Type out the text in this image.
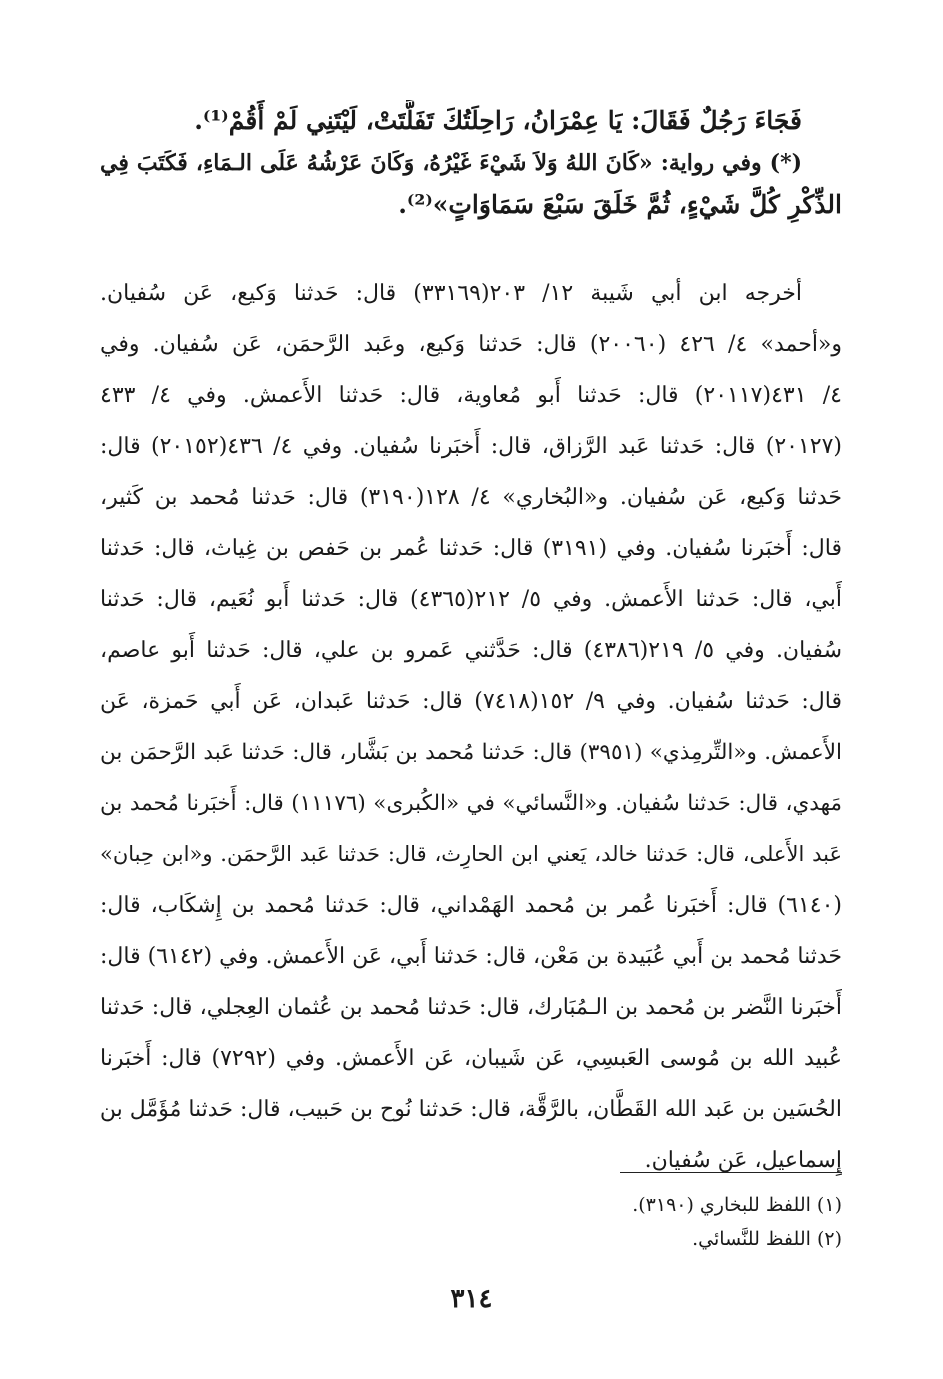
فَجَاءَ رَجُلٌ فَقَالَ: يَا عِمْرَانُ، رَاحِلَتُكَ تَفَلَّتَتْ، لَيْتَنِي لَمْ أَقُمْ⁽¹⁾.
(*) وفي رواية: «كَانَ اللهُ وَلاَ شَيْءَ غَيْرُهُ، وَكَانَ عَرْشُهُ عَلَى الـمَاءِ، فَكَتَبَ فِي
الذِّكْرِ كُلَّ شَيْءٍ، ثُمَّ خَلَقَ سَبْعَ سَمَاوَاتٍ»⁽²⁾.
أخرجه ابن أبي شَيبة ١٢/ ٢٠٣(٣٣١٦٩) قال: حَدثنا وَكيع، عَن سُفيان.
و«أحمد» ٤/ ٤٢٦ (٢٠٠٦٠) قال: حَدثنا وَكيع، وعَبد الرَّحمَن، عَن سُفيان. وفي
٤/ ٤٣١(٢٠١١٧) قال: حَدثنا أَبو مُعاوية، قال: حَدثنا الأَعمش. وفي ٤/ ٤٣٣
(٢٠١٢٧) قال: حَدثنا عَبد الرَّزاق، قال: أَخبَرنا سُفيان. وفي ٤/ ٤٣٦(٢٠١٥٢) قال:
حَدثنا وَكيع، عَن سُفيان. و«البُخاري» ٤/ ١٢٨(٣١٩٠) قال: حَدثنا مُحمد بن كَثير،
قال: أَخبَرنا سُفيان. وفي (٣١٩١) قال: حَدثنا عُمر بن حَفص بن غِياث، قال: حَدثنا
أَبي، قال: حَدثنا الأَعمش. وفي ٥/ ٢١٢(٤٣٦٥) قال: حَدثنا أَبو نُعَيم، قال: حَدثنا
سُفيان. وفي ٥/ ٢١٩(٤٣٨٦) قال: حَدَّثني عَمرو بن علي، قال: حَدثنا أَبو عاصم،
قال: حَدثنا سُفيان. وفي ٩/ ١٥٢(٧٤١٨) قال: حَدثنا عَبدان، عَن أَبي حَمزة، عَن
الأَعمش. و«التِّرمِذي» (٣٩٥١) قال: حَدثنا مُحمد بن بَشَّار، قال: حَدثنا عَبد الرَّحمَن بن
مَهدي، قال: حَدثنا سُفيان. و«النَّسائي» في «الكُبرى» (١١١٧٦) قال: أَخبَرنا مُحمد بن
عَبد الأَعلى، قال: حَدثنا خالد، يَعني ابن الحارِث، قال: حَدثنا عَبد الرَّحمَن. و«ابن حِبان»
(٦١٤٠) قال: أَخبَرنا عُمر بن مُحمد الهَمْداني، قال: حَدثنا مُحمد بن إِشكَاب، قال:
حَدثنا مُحمد بن أَبي عُبَيدة بن مَعْن، قال: حَدثنا أَبي، عَن الأَعمش. وفي (٦١٤٢) قال:
أَخبَرنا النَّضر بن مُحمد بن الـمُبَارك، قال: حَدثنا مُحمد بن عُثمان العِجلي، قال: حَدثنا
عُبيد الله بن مُوسى العَبسِي، عَن شَيبان، عَن الأَعمش. وفي (٧٢٩٢) قال: أَخبَرنا
الحُسَين بن عَبد الله القَطَّان، بالرَّقَّة، قال: حَدثنا نُوح بن حَبيب، قال: حَدثنا مُؤَمَّل بن
إِسماعيل، عَن سُفيان.
(١) اللفظ للبخاري (٣١٩٠).
(٢) اللفظ للنَّسائي.
٣١٤
